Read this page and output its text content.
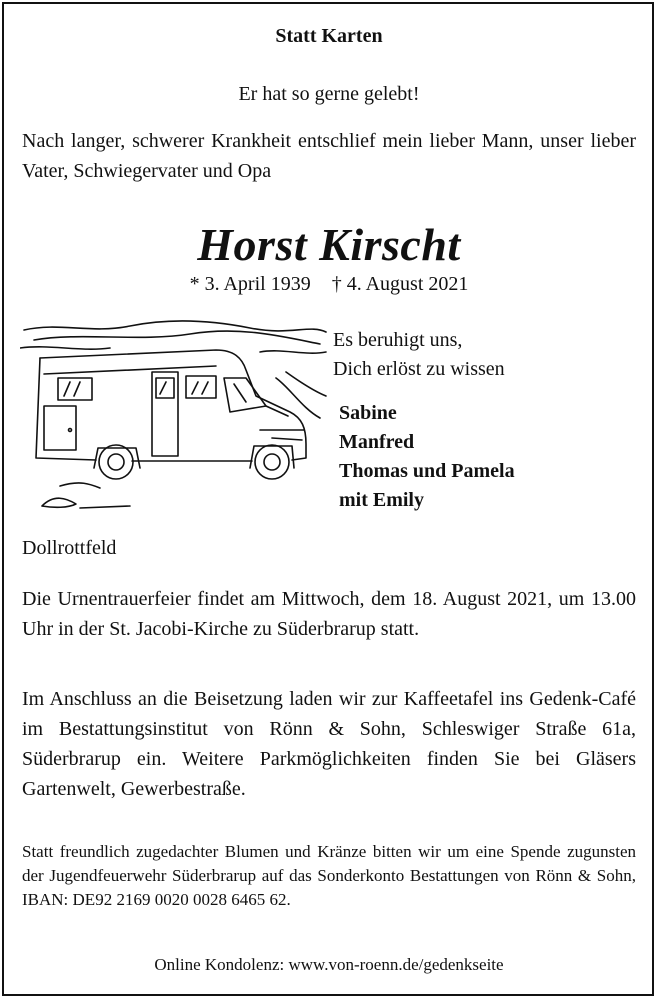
Statt Karten
Er hat so gerne gelebt!
Nach langer, schwerer Krankheit entschlief mein lieber Mann, unser lieber Vater, Schwiegervater und Opa
Horst Kirscht
* 3. April 1939 † 4. August 2021
Es beruhigt uns,
Dich erlöst zu wissen
Sabine
Manfred
Thomas und Pamela
mit Emily
Dollrottfeld
Die Urnentrauerfeier findet am Mittwoch, dem 18. August 2021, um 13.00 Uhr in der St. Jacobi-Kirche zu Süderbrarup statt.
Im Anschluss an die Beisetzung laden wir zur Kaffeetafel ins Gedenk-Café im Bestattungsinstitut von Rönn & Sohn, Schleswiger Straße 61a, Süderbrarup ein. Weitere Parkmöglichkeiten finden Sie bei Gläsers Gartenwelt, Gewerbestraße.
Statt freundlich zugedachter Blumen und Kränze bitten wir um eine Spende zugunsten der Jugendfeuerwehr Süderbrarup auf das Sonderkonto Bestattungen von Rönn & Sohn, IBAN: DE92 2169 0020 0028 6465 62.
Online Kondolenz: www.von-roenn.de/gedenkseite
